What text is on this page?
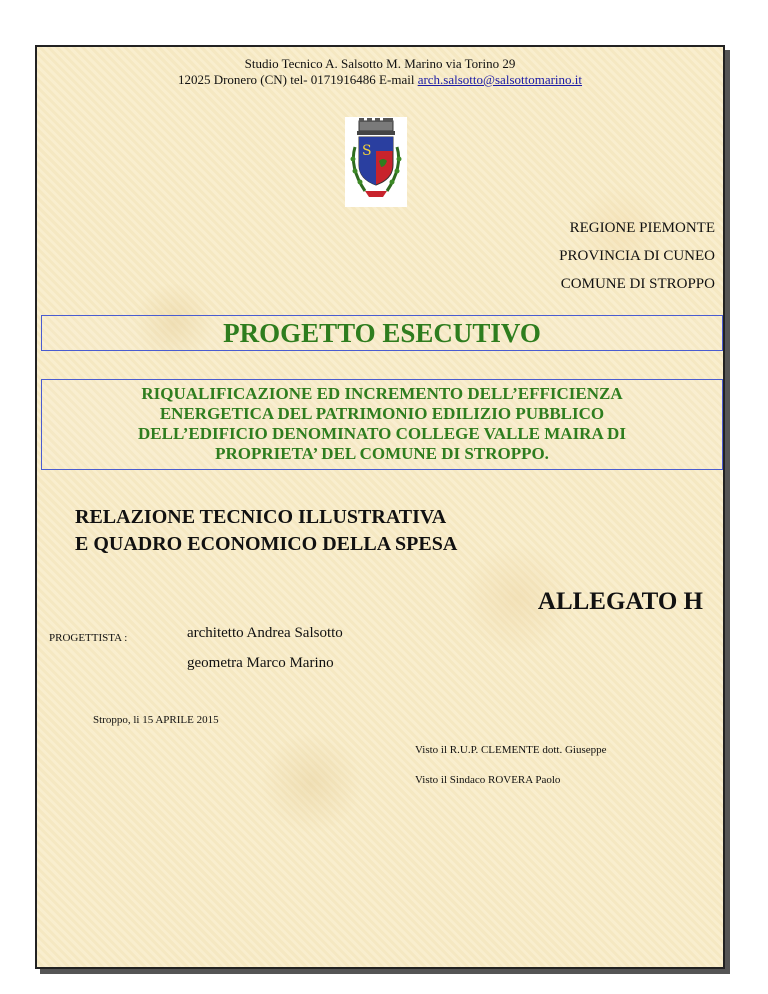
Studio Tecnico A. Salsotto M. Marino via Torino 29
12025 Dronero (CN) tel- 0171916486 E-mail arch.salsotto@salsottomarino.it
S
REGIONE PIEMONTE
PROVINCIA DI CUNEO
COMUNE DI STROPPO
PROGETTO ESECUTIVO
RIQUALIFICAZIONE ED INCREMENTO DELL’EFFICIENZA
ENERGETICA DEL PATRIMONIO EDILIZIO PUBBLICO
DELL’EDIFICIO DENOMINATO COLLEGE VALLE MAIRA DI
PROPRIETA’ DEL COMUNE DI STROPPO.
RELAZIONE TECNICO ILLUSTRATIVA
E QUADRO ECONOMICO DELLA SPESA
ALLEGATO H
PROGETTISTA :	architetto Andrea Salsotto
geometra Marco Marino
Stroppo, li 15 APRILE 2015
Visto il R.U.P. CLEMENTE dott. Giuseppe
Visto il Sindaco ROVERA Paolo
